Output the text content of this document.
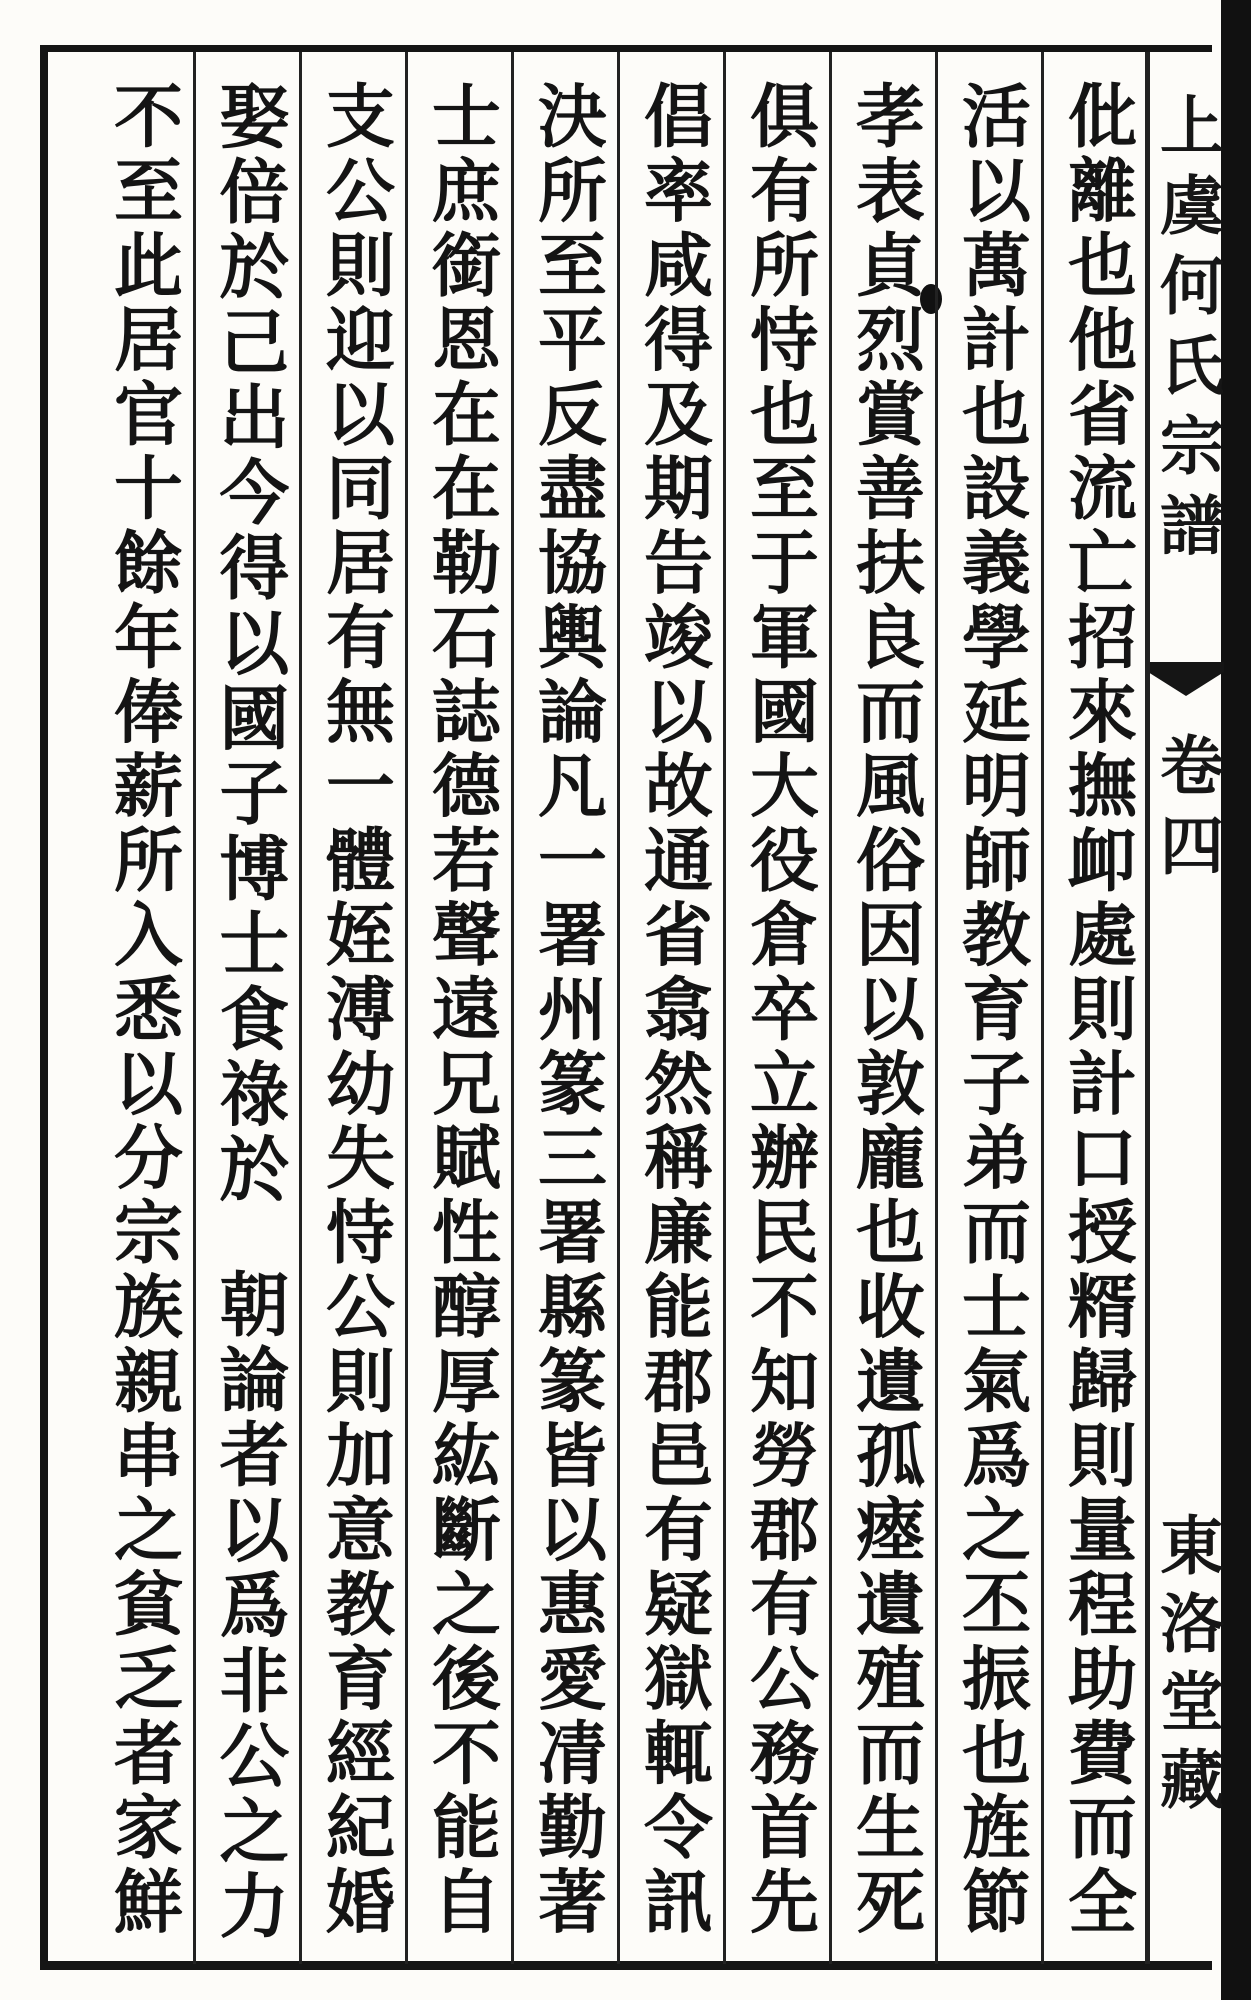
上虞何氏宗譜
卷四
東洛堂藏
仳離也他省流亡招來撫卹處則計口授糈歸則量程助費而全
活以萬計也設義學延明師教育子弟而士氣爲之丕振也旌節
孝表貞烈賞善扶良而風俗因以敦龐也收遺孤瘞遺殖而生死
俱有所恃也至于軍國大役倉卒立辦民不知勞郡有公務首先
倡率咸得及期告竣以故通省翕然稱廉能郡邑有疑獄輒令訊
決所至平反盡協輿論凡一署州篆三署縣篆皆以惠愛凊勤著
士庶銜恩在在勒石誌德若聲遠兄賦性醇厚紘斷之後不能自
支公則迎以同居有無一體姪溥幼失恃公則加意教育經紀婚
娶倍於己出今得以國子博士食祿於
朝論者以爲非公之力
不至此居官十餘年俸薪所入悉以分宗族親串之貧乏者家鮮
